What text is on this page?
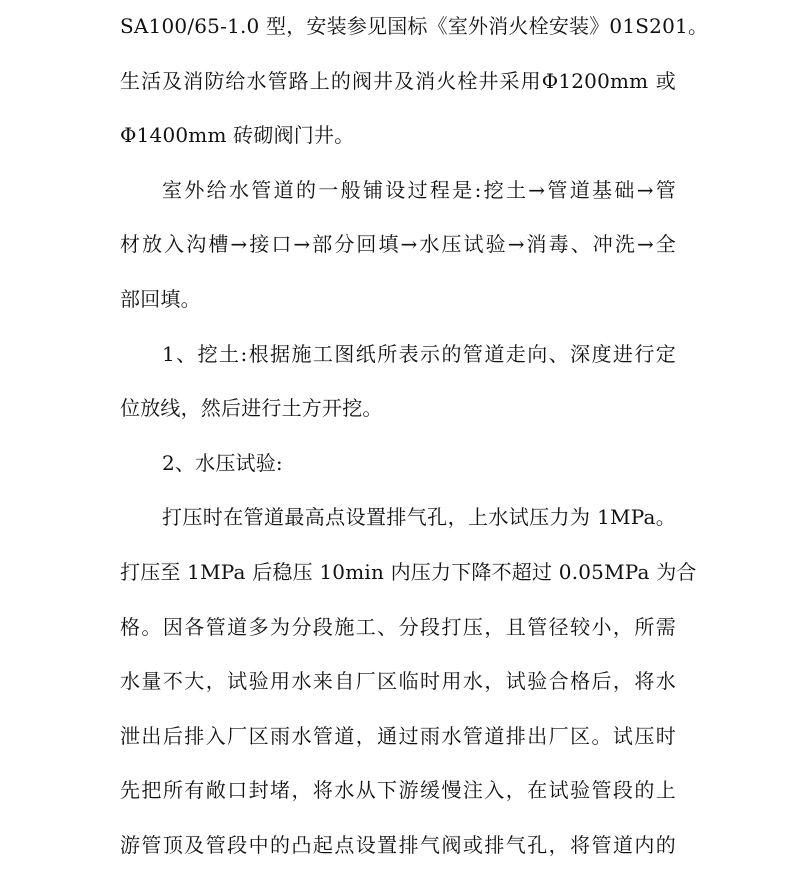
SA100/65-1.0 型，安装参见国标《室外消火栓安装》01S201。
生活及消防给水管路上的阀井及消火栓井采用Φ1200mm 或
Φ1400mm 砖砌阀门井。
室外给水管道的一般铺设过程是:挖土→管道基础→管
材放入沟槽→接口→部分回填→水压试验→消毒、冲洗→全
部回填。
1、挖土:根据施工图纸所表示的管道走向、深度进行定
位放线，然后进行土方开挖。
2、水压试验:
打压时在管道最高点设置排气孔，上水试压力为 1MPa。
打压至 1MPa 后稳压 10min 内压力下降不超过 0.05MPa 为合
格。因各管道多为分段施工、分段打压，且管径较小，所需
水量不大，试验用水来自厂区临时用水，试验合格后，将水
泄出后排入厂区雨水管道，通过雨水管道排出厂区。试压时
先把所有敞口封堵，将水从下游缓慢注入，在试验管段的上
游管顶及管段中的凸起点设置排气阀或排气孔，将管道内的
